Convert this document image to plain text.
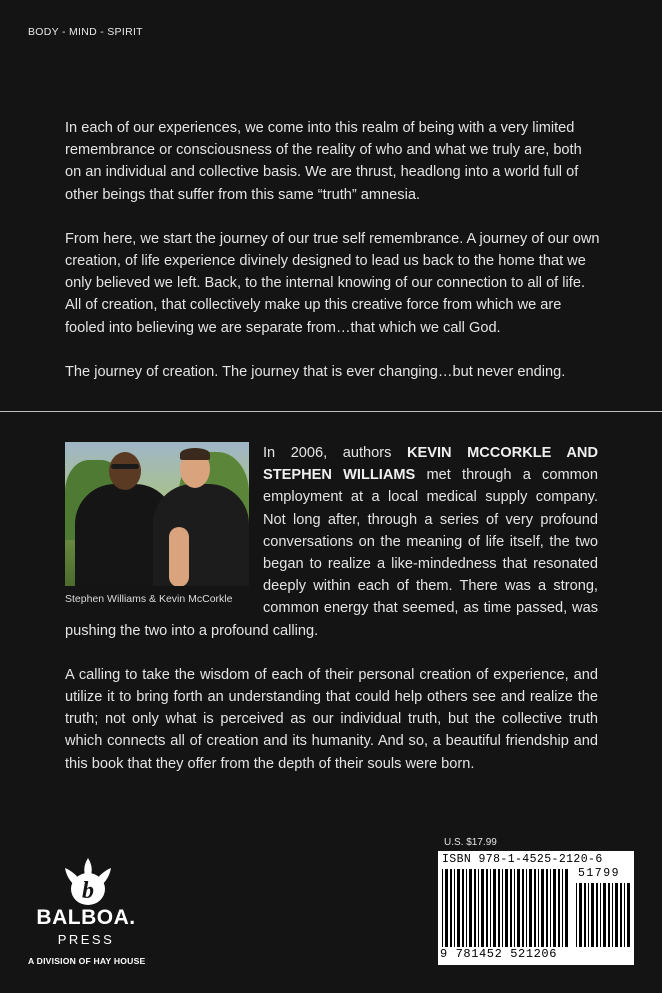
BODY - MIND - SPIRIT

In each of our experiences, we come into this realm of being with a very limited remembrance or consciousness of the reality of who and what we truly are, both on an individual and collective basis. We are thrust, headlong into a world full of other beings that suffer from this same “truth” amnesia.

From here, we start the journey of our true self remembrance. A journey of our own creation, of life experience divinely designed to lead us back to the home that we only believed we left. Back, to the internal knowing of our connection to all of life. All of creation, that collectively make up this creative force from which we are fooled into believing we are separate from…that which we call God.

The journey of creation. The journey that is ever changing…but never ending.

Stephen Williams & Kevin McCorkle

In 2006, authors KEVIN MCCORKLE AND STEPHEN WILLIAMS met through a common employment at a local medical supply company. Not long after, through a series of very profound conversations on the meaning of life itself, the two began to realize a like-mindedness that resonated deeply within each of them. There was a strong, common energy that seemed, as time passed, was pushing the two into a profound calling.

A calling to take the wisdom of each of their personal creation of experience, and utilize it to bring forth an understanding that could help others see and realize the truth; not only what is perceived as our individual truth, but the collective truth which connects all of creation and its humanity. And so, a beautiful friendship and this book that they offer from the depth of their souls were born.

b
BALBOA.
PRESS
A DIVISION OF HAY HOUSE
U.S. $17.99
ISBN 978-1-4525-2120-6
51799
9 781452 521206
